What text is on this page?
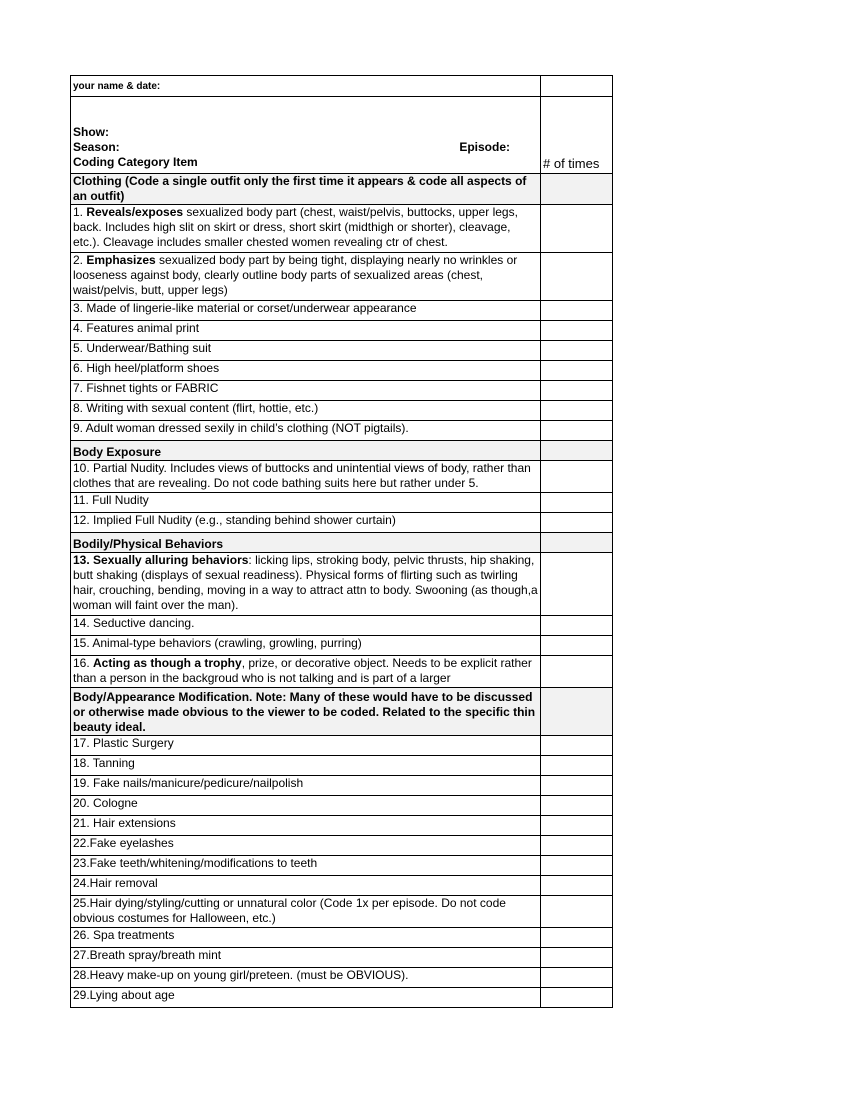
your name & date:	

Show:
Season: Episode:
Coding Category Item	# of times
Clothing (Code a single outfit only the first time it appears & code all aspects of an outfit)	
1. Reveals/exposes sexualized body part (chest, waist/pelvis, buttocks, upper legs, back. Includes high slit on skirt or dress, short skirt (midthigh or shorter), cleavage, etc.). Cleavage includes smaller chested women revealing ctr of chest.	
2. Emphasizes sexualized body part by being tight, displaying nearly no wrinkles or looseness against body, clearly outline body parts of sexualized areas (chest, waist/pelvis, butt, upper legs)	
3. Made of lingerie-like material or corset/underwear appearance	
4. Features animal print	
5. Underwear/Bathing suit	
6. High heel/platform shoes	
7. Fishnet tights or FABRIC	
8. Writing with sexual content (flirt, hottie, etc.)	
9. Adult woman dressed sexily in child’s clothing (NOT pigtails).	
Body Exposure	
10. Partial Nudity. Includes views of buttocks and unintential views of body, rather than clothes that are revealing. Do not code bathing suits here but rather under 5.	
11. Full Nudity	
12. Implied Full Nudity (e.g., standing behind shower curtain)	
Bodily/Physical Behaviors	
13. Sexually alluring behaviors: licking lips, stroking body, pelvic thrusts, hip shaking, butt shaking (displays of sexual readiness). Physical forms of flirting such as twirling hair, crouching, bending, moving in a way to attract attn to body. Swooning (as though,a woman will faint over the man).	
14. Seductive dancing.	
15. Animal-type behaviors (crawling, growling, purring)	

16. Acting as though a trophy, prize, or decorative object. Needs to be explicit rather than a person in the backgroud who is not talking and is part of a larger	

Body/Appearance Modification. Note: Many of these would have to be discussed or otherwise made obvious to the viewer to be coded. Related to the specific thin beauty ideal.	
17. Plastic Surgery	
18. Tanning	
19. Fake nails/manicure/pedicure/nailpolish	
20. Cologne	
21. Hair extensions	
22.Fake eyelashes	
23.Fake teeth/whitening/modifications to teeth	
24.Hair removal	
25.Hair dying/styling/cutting or unnatural color (Code 1x per episode. Do not code obvious costumes for Halloween, etc.)	
26. Spa treatments	
27.Breath spray/breath mint	
28.Heavy make-up on young girl/preteen. (must be OBVIOUS).	
29.Lying about age	
